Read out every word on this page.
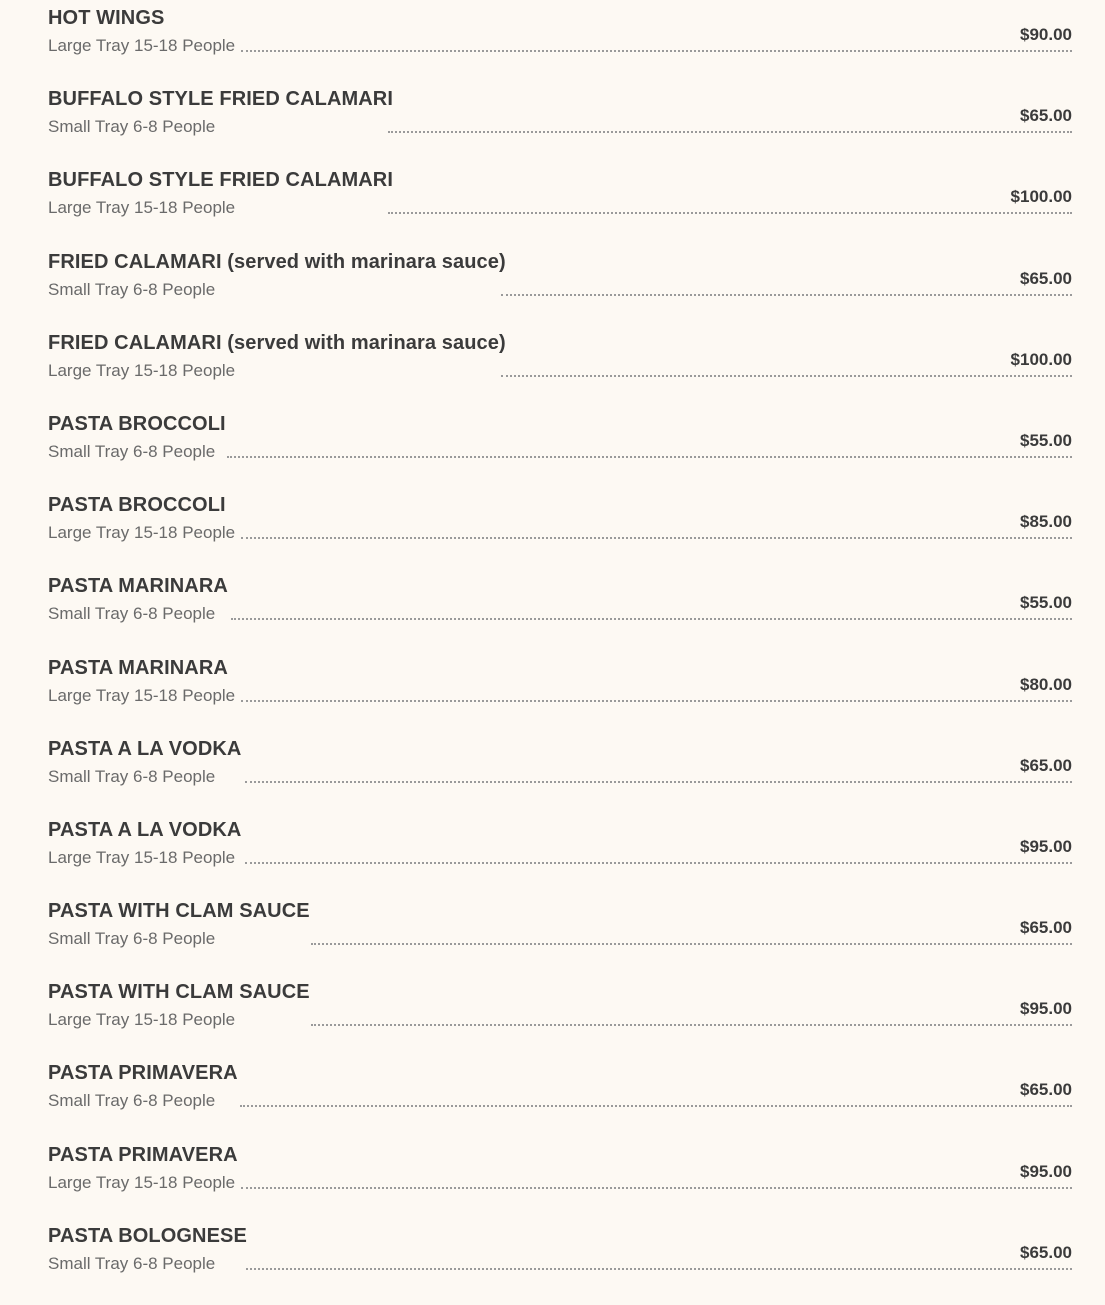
HOT WINGS
Large Tray 15-18 People
$90.00
BUFFALO STYLE FRIED CALAMARI
Small Tray 6-8 People
$65.00
BUFFALO STYLE FRIED CALAMARI
Large Tray 15-18 People
$100.00
FRIED CALAMARI (served with marinara sauce)
Small Tray 6-8 People
$65.00
FRIED CALAMARI (served with marinara sauce)
Large Tray 15-18 People
$100.00
PASTA BROCCOLI
Small Tray 6-8 People
$55.00
PASTA BROCCOLI
Large Tray 15-18 People
$85.00
PASTA MARINARA
Small Tray 6-8 People
$55.00
PASTA MARINARA
Large Tray 15-18 People
$80.00
PASTA A LA VODKA
Small Tray 6-8 People
$65.00
PASTA A LA VODKA
Large Tray 15-18 People
$95.00
PASTA WITH CLAM SAUCE
Small Tray 6-8 People
$65.00
PASTA WITH CLAM SAUCE
Large Tray 15-18 People
$95.00
PASTA PRIMAVERA
Small Tray 6-8 People
$65.00
PASTA PRIMAVERA
Large Tray 15-18 People
$95.00
PASTA BOLOGNESE
Small Tray 6-8 People
$65.00
